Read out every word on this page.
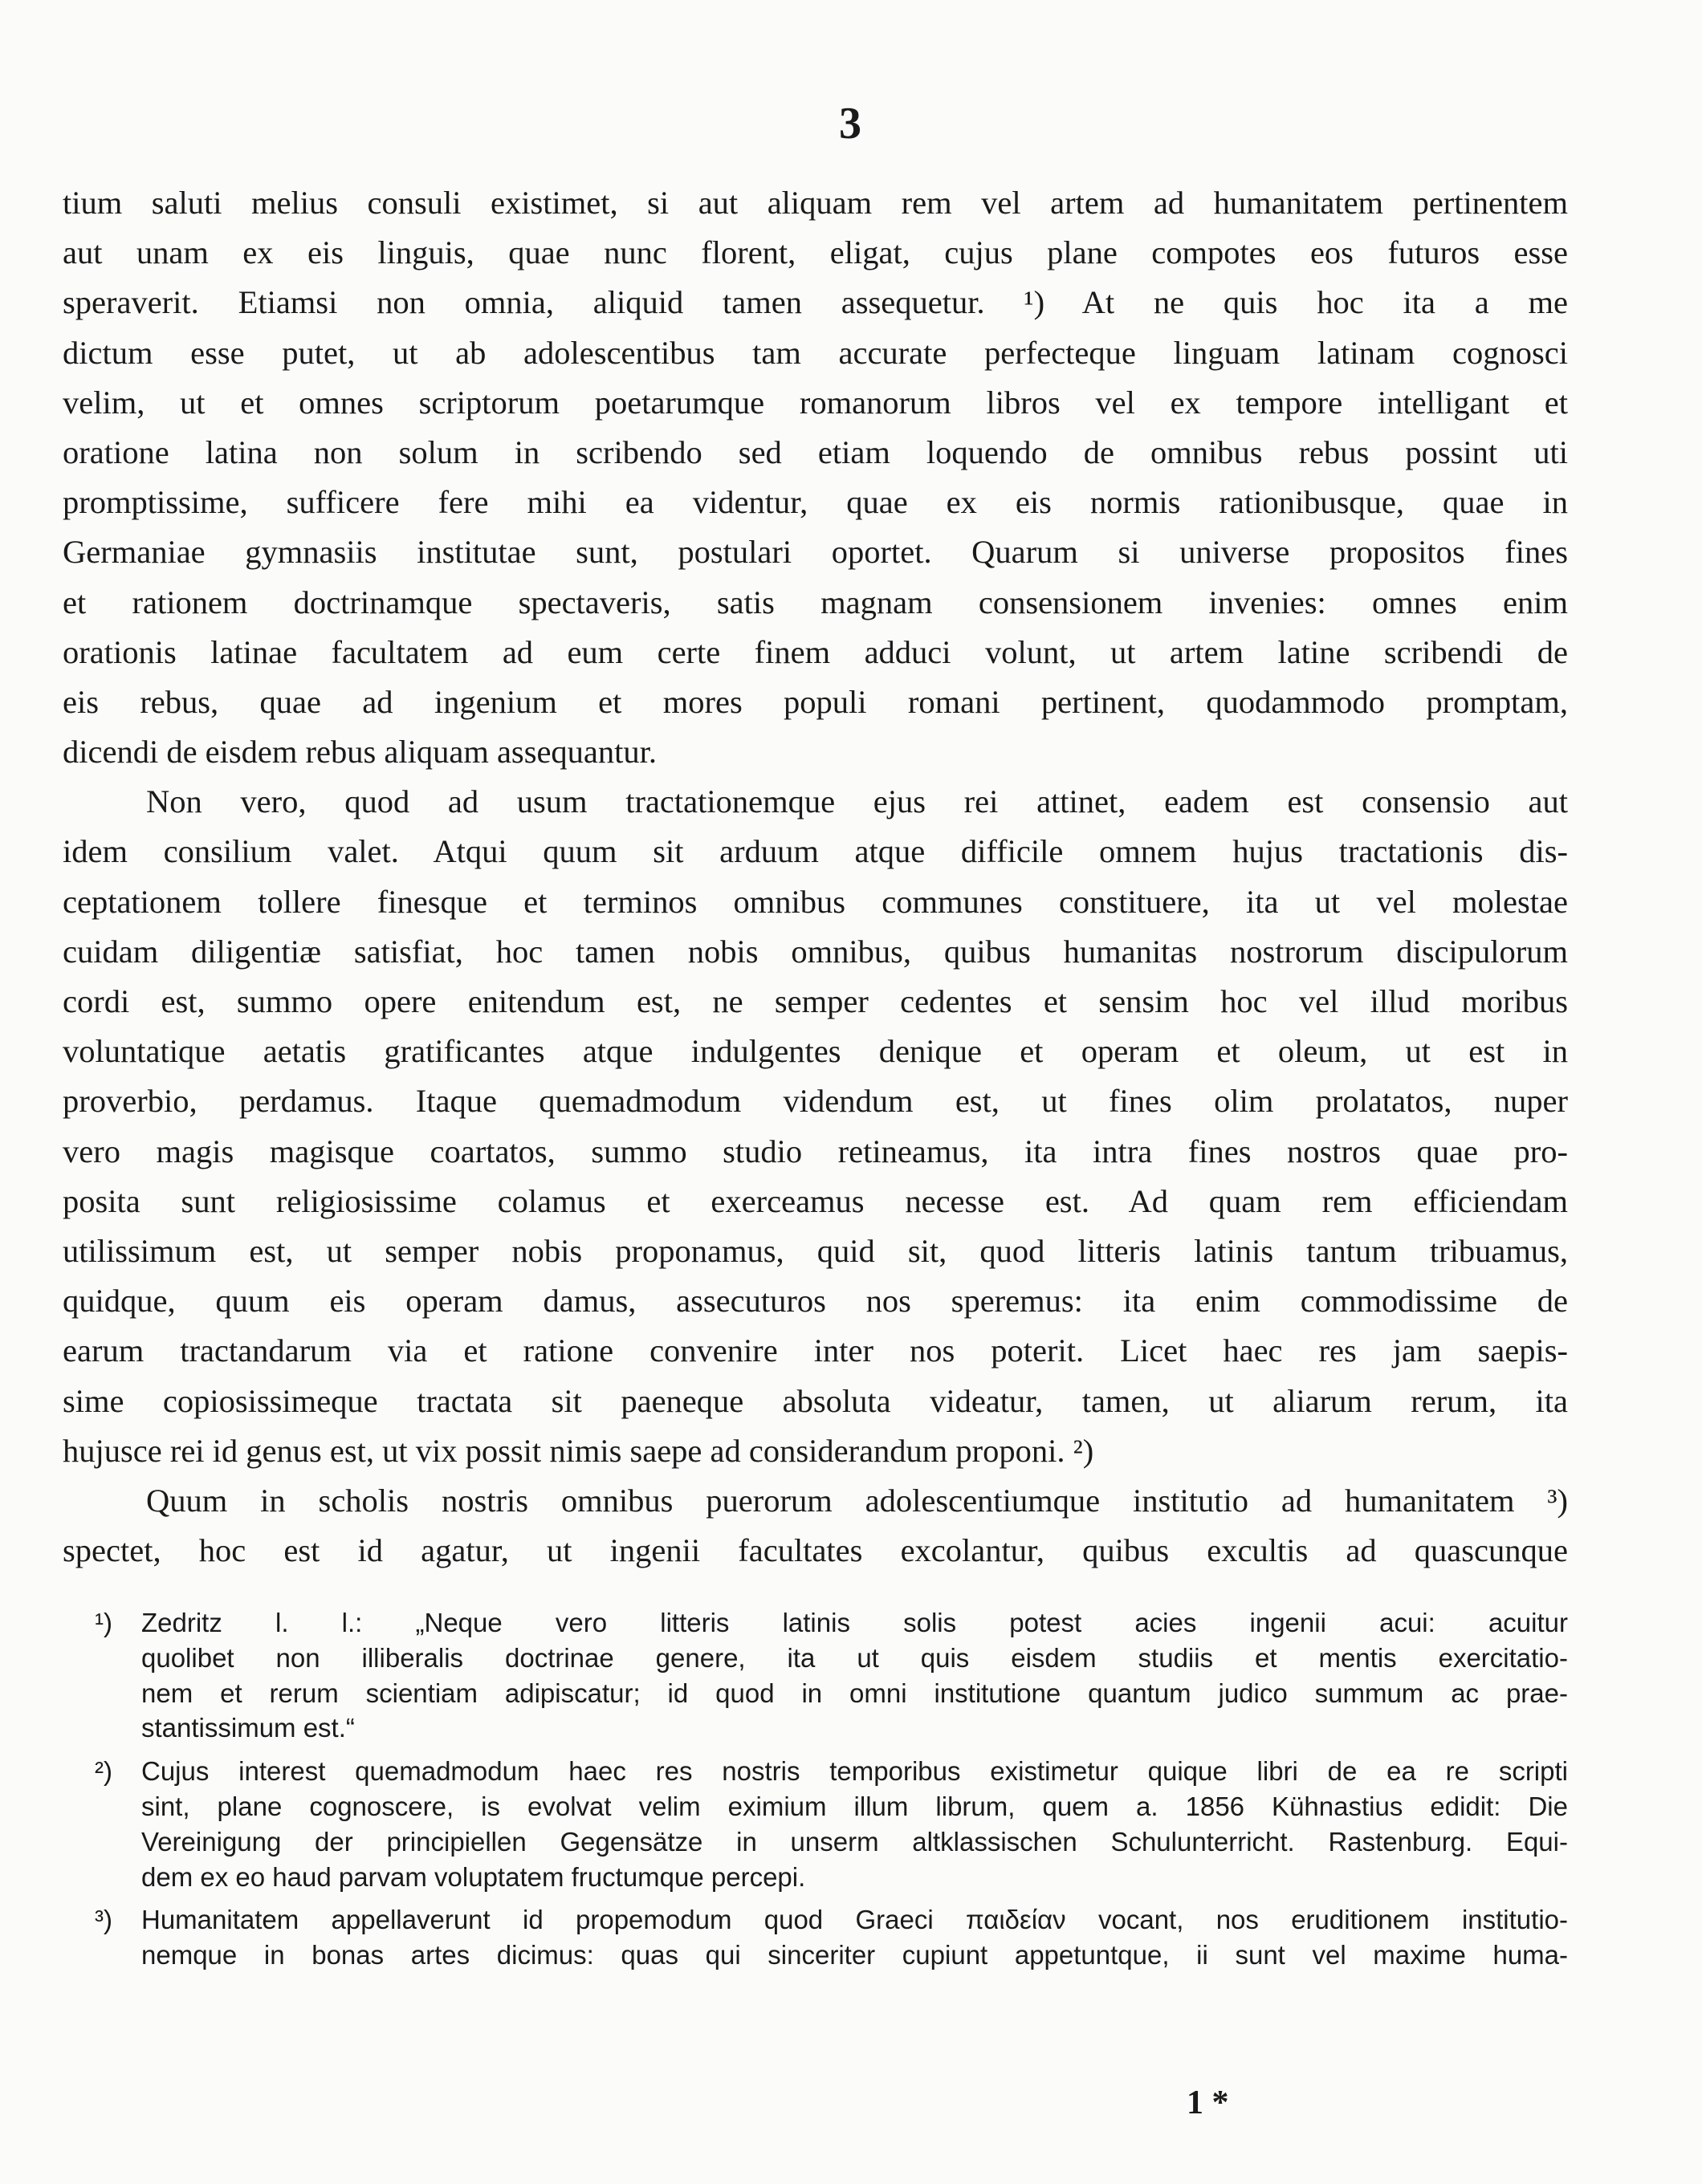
3
tium saluti melius consuli existimet, si aut aliquam rem vel artem ad humanitatem pertinentem
aut unam ex eis linguis, quae nunc florent, eligat, cujus plane compotes eos futuros esse
speraverit. Etiamsi non omnia, aliquid tamen assequetur. ¹) At ne quis hoc ita a me
dictum esse putet, ut ab adolescentibus tam accurate perfecteque linguam latinam cognosci
velim, ut et omnes scriptorum poetarumque romanorum libros vel ex tempore intelligant et
oratione latina non solum in scribendo sed etiam loquendo de omnibus rebus possint uti
promptissime, sufficere fere mihi ea videntur, quae ex eis normis rationibusque, quae in
Germaniae gymnasiis institutae sunt, postulari oportet. Quarum si universe propositos fines
et rationem doctrinamque spectaveris, satis magnam consensionem invenies: omnes enim
orationis latinae facultatem ad eum certe finem adduci volunt, ut artem latine scribendi de
eis rebus, quae ad ingenium et mores populi romani pertinent, quodammodo promptam,
dicendi de eisdem rebus aliquam assequantur.
Non vero, quod ad usum tractationemque ejus rei attinet, eadem est consensio aut
idem consilium valet. Atqui quum sit arduum atque difficile omnem hujus tractationis dis-
ceptationem tollere finesque et terminos omnibus communes constituere, ita ut vel molestae
cuidam diligentiæ satisfiat, hoc tamen nobis omnibus, quibus humanitas nostrorum discipulorum
cordi est, summo opere enitendum est, ne semper cedentes et sensim hoc vel illud moribus
voluntatique aetatis gratificantes atque indulgentes denique et operam et oleum, ut est in
proverbio, perdamus. Itaque quemadmodum videndum est, ut fines olim prolatatos, nuper
vero magis magisque coartatos, summo studio retineamus, ita intra fines nostros quae pro-
posita sunt religiosissime colamus et exerceamus necesse est. Ad quam rem efficiendam
utilissimum est, ut semper nobis proponamus, quid sit, quod litteris latinis tantum tribuamus,
quidque, quum eis operam damus, assecuturos nos speremus: ita enim commodissime de
earum tractandarum via et ratione convenire inter nos poterit. Licet haec res jam saepis-
sime copiosissimeque tractata sit paeneque absoluta videatur, tamen, ut aliarum rerum, ita
hujusce rei id genus est, ut vix possit nimis saepe ad considerandum proponi. ²)
Quum in scholis nostris omnibus puerorum adolescentiumque institutio ad humanitatem ³)
spectet, hoc est id agatur, ut ingenii facultates excolantur, quibus excultis ad quascunque
¹)	Zedritz l. l.: „Neque vero litteris latinis solis potest acies ingenii acui: acuitur
quolibet non illiberalis doctrinae genere, ita ut quis eisdem studiis et mentis exercitatio-
nem et rerum scientiam adipiscatur; id quod in omni institutione quantum judico summum ac prae-
stantissimum est.“
²)	Cujus interest quemadmodum haec res nostris temporibus existimetur quique libri de ea re scripti
sint, plane cognoscere, is evolvat velim eximium illum librum, quem a. 1856 Kühnastius edidit: Die
Vereinigung der principiellen Gegensätze in unserm altklassischen Schulunterricht. Rastenburg. Equi-
dem ex eo haud parvam voluptatem fructumque percepi.
³)	Humanitatem appellaverunt id propemodum quod Graeci παιδείαν vocant, nos eruditionem institutio-
nemque in bonas artes dicimus: quas qui sinceriter cupiunt appetuntque, ii sunt vel maxime huma-
1 *
